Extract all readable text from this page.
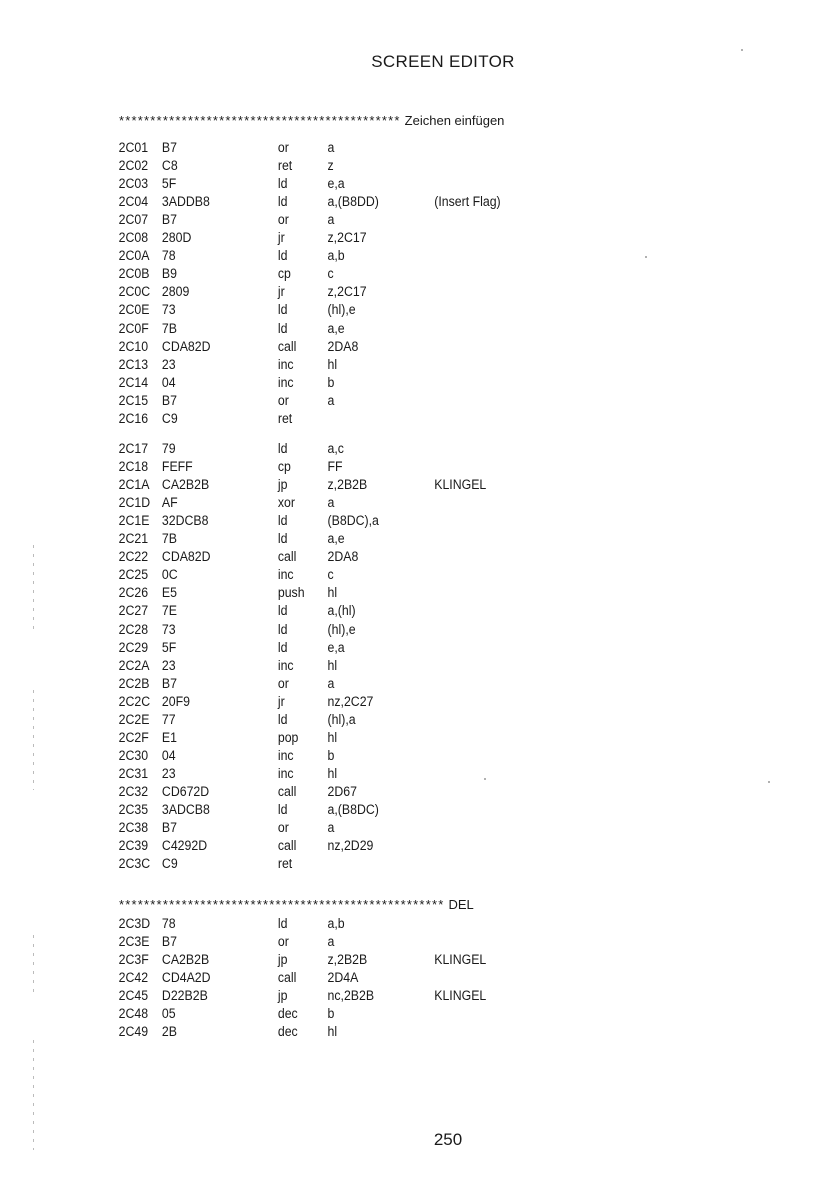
SCREEN EDITOR
********************************************* Zeichen einfügen
**************************************************** DEL
2C01 B7	or	a
2C02 C8	ret	z
2C03 5F	ld	e,a
2C04 3ADDB8	ld	a,(B8DD)	(Insert Flag)
2C07 B7	or	a
2C08 280D	jr	z,2C17
2C0A 78	ld	a,b
2C0B B9	cp	c
2C0C 2809	jr	z,2C17
2C0E 73	ld	(hl),e
2C0F 7B	ld	a,e
2C10 CDA82D	call 2DA8
2C13 23	inc	hl
2C14 04	inc	b
2C15 B7	or	a
2C16 C9	ret
2C17 79	ld	a,c
2C18 FEFF	cp	FF
2C1A CA2B2B	jp	z,2B2B	KLINGEL
2C1D AF	xor a
2C1E 32DCB8	ld	(B8DC),a
2C21 7B	ld	a,e
2C22 CDA82D	call 2DA8
2C25 0C	inc	c
2C26 E5	push hl
2C27 7E	ld	a,(hl)
2C28 73	ld	(hl),e
2C29 5F	ld	e,a
2C2A 23	inc	hl
2C2B B7	or	a
2C2C 20F9	jr	nz,2C27
2C2E 77	ld	(hl),a
2C2F E1	pop hl
2C30 04	inc	b
2C31 23	inc	hl
2C32 CD672D	call 2D67
2C35 3ADCB8	ld	a,(B8DC)
2C38 B7	or	a
2C39 C4292D	call nz,2D29
2C3C C9	ret
2C3D 78	ld	a,b
2C3E B7	or	a
2C3F CA2B2B	jp	z,2B2B	KLINGEL
2C42 CD4A2D	call 2D4A
2C45 D22B2B	jp	nc,2B2B	KLINGEL
2C48 05	dec b
2C49 2B	dec hl
250
